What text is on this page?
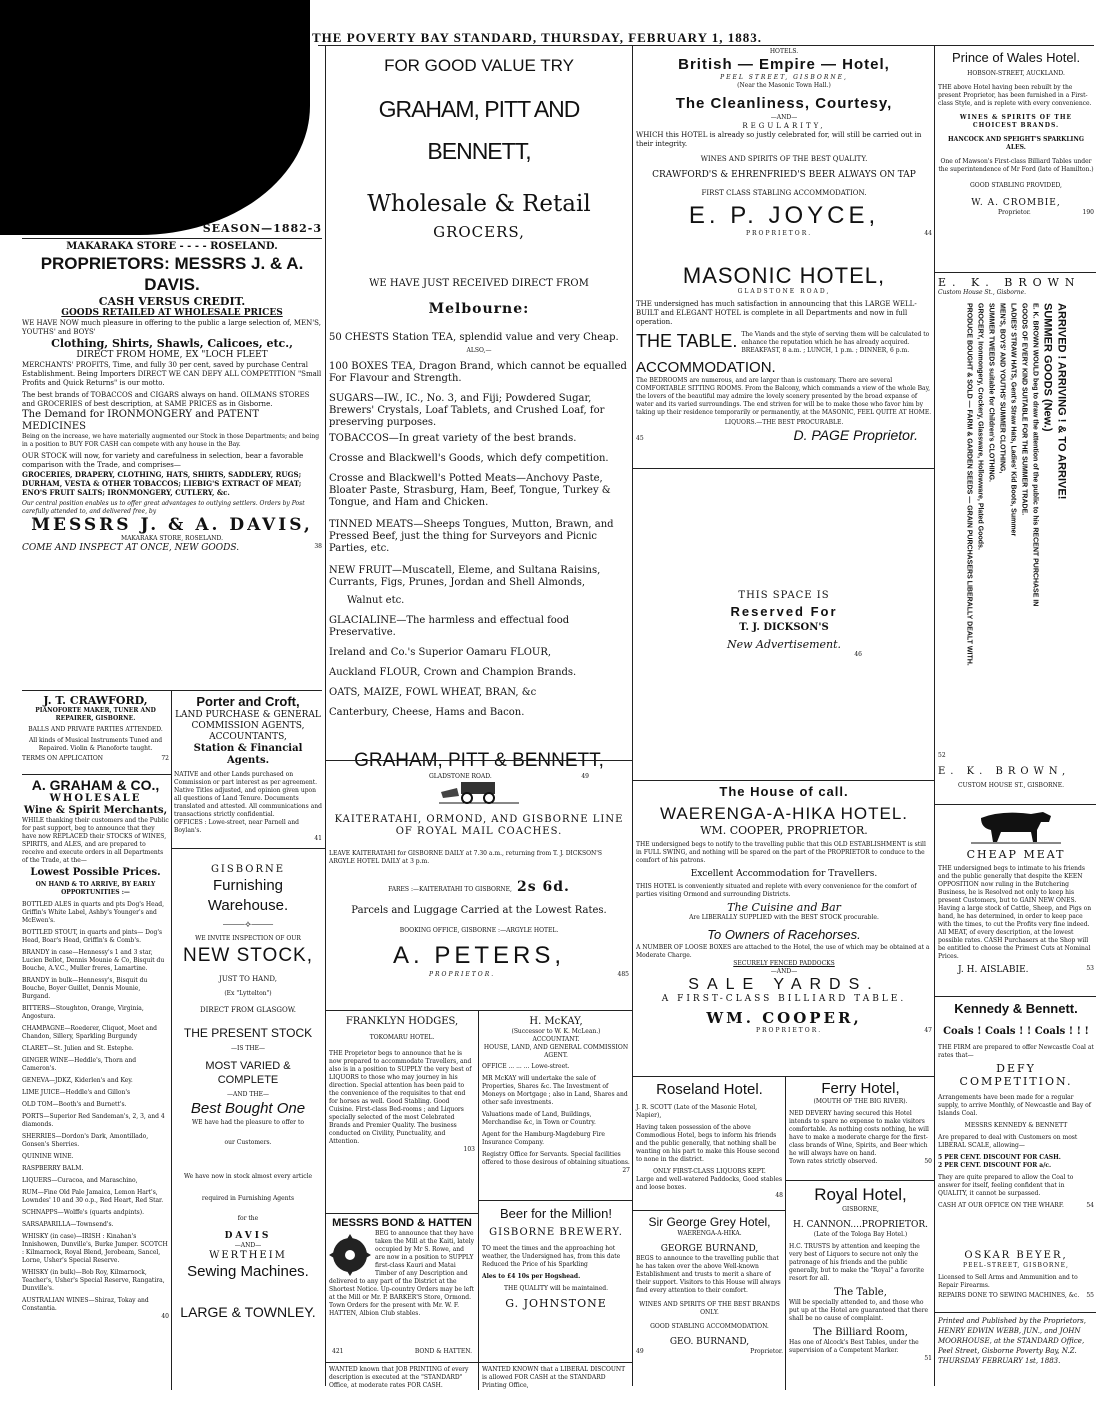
THE POVERTY BAY STANDARD, THURSDAY, FEBRUARY 1, 1883.
SEASON—1882-3
MAKARAKA STORE - - - - ROSELAND.
PROPRIETORS: MESSRS J. & A. DAVIS.
CASH VERSUS CREDIT.
GOODS RETAILED AT WHOLESALE PRICES
WE HAVE NOW much pleasure in offering to the public a large selection of, MEN'S, YOUTHS' and BOYS'
Clothing, Shirts, Shawls, Calicoes, etc.,
DIRECT FROM HOME, EX "LOCH FLEET
MERCHANTS' PROFITS, Time, and fully 30 per cent, saved by purchase Central Establishment. Being Importers DIRECT WE CAN DEFY ALL COMPETITION "Small Profits and Quick Returns" is our motto.
The best brands of TOBACCOS and CIGARS always on hand. OILMANS STORES and GROCERIES of best description, at SAME PRICES as in Gisborne.
The Demand for IRONMONGERY and PATENT MEDICINES
Being on the increase, we have materially augmented our Stock in those Departments; and being in a position to BUY FOR CASH can compete with any house in the Bay.
OUR STOCK will now, for variety and carefulness in selection, bear a favorable comparison with the Trade, and comprises—
GROCERIES, DRAPERY, CLOTHING, HATS, SHIRTS, SADDLERY, RUGS; DURHAM, VESTA & OTHER TOBACCOS; LIEBIG'S EXTRACT OF MEAT; ENO'S FRUIT SALTS; IRONMONGERY, CUTLERY, &c.
Our central position enables us to offer great advantages to outlying settlers. Orders by Post carefully attended to, and delivered free, by
MESSRS J. & A. DAVIS,
MAKARAKA STORE, ROSELAND.
COME AND INSPECT AT ONCE, NEW GOODS.	38
J. T. CRAWFORD,
PIANOFORTE MAKER, TUNER AND REPAIRER, GISBORNE.
BALLS AND PRIVATE PARTIES ATTENDED.
All kinds of Musical Instruments Tuned and Repaired. Violin & Pianoforte taught.
TERMS ON APPLICATION	72
A. GRAHAM & CO.,
WHOLESALE
Wine & Spirit Merchants,
WHILE thanking their customers and the Public for past support, beg to announce that they have now REPLACED their STOCKS of WINES, SPIRITS, and ALES, and are prepared to receive and execute orders in all Departments of the Trade, at the—
Lowest Possible Prices.
ON HAND & TO ARRIVE, BY EARLY OPPORTUNITIES :—
BOTTLED ALES in quarts and pts Dog's Head, Griffin's White Label, Ashby's Younger's and McEwen's.
BOTTLED STOUT, in quarts and pints— Dog's Head, Boar's Head, Griffin's & Comb's.
BRANDY in case—Hennessy's 1 and 3 star, Lucien Bellot, Dennis Mounie & Co, Bisquit du Bouche, A.V.C., Muller freres, Lamartine.
BRANDY in bulk—Hennessy's, Bisquit du Bouche, Boyer Guillet, Dennis Mounie, Burgand.
BITTERS—Stoughton, Orange, Virginia, Angostura.
CHAMPAGNE—Roederer, Cliquot, Moet and Chandon, Sillery, Sparkling Burgundy
CLARET—St. Julien and St. Estephe.
GINGER WINE—Heddle's, Thorn and Cameron's.
GENEVA—JDKZ, Kiderlen's and Key.
LIME JUICE—Heddle's and Gillon's
OLD TOM—Booth's and Burnett's.
PORTS—Superior Red Sandeman's, 2, 3, and 4 diamonds.
SHERRIES—Dordon's Dark, Amontillado, Gonsen's Sherries.
QUININE WINE.
RASPBERRY BALM.
LIQUERS—Curacoa, and Maraschino,
RUM—Fine Old Pale Jamaica, Lemon Hart's, Lowndes' 10 and 30 o.p., Red Heart, Red Star.
SCHNAPPS—Wolffe's (quarts andpints).
SARSAPARILLA—Townsend's.
WHISKY (in case)—IRISH : Kinahan's Innishowen, Dunville's, Burke Jumper. SCOTCH : Kilmarnock, Royal Blend, Jerobeam, Sancel, Lorne, Usher's Special Reserve.
WHISKY (in bulk)—Bob Roy, Kilmarnock, Teacher's, Usher's Special Reserve, Rangatira, Dunville's.
AUSTRALIAN WINES—Shiraz, Tokay and Constantia.
40
Porter and Croft,
LAND PURCHASE & GENERAL COMMISSION AGENTS, ACCOUNTANTS,
Station & Financial Agents.
NATIVE and other Lands purchased on Commission or part interest as per agreement. Native Titles adjusted, and opinion given upon all questions of Land Tenure. Documents translated and attested. All communications and transactions strictly confidential.
OFFICES : Lowe-street, near Parnell and Boylan's.
41
GISBORNE
Furnishing Warehouse.
⸻⟡⸻
WE INVITE INSPECTION OF OUR
NEW STOCK,
JUST TO HAND,
(Ex "Lyttelton")
DIRECT FROM GLASGOW.
THE PRESENT STOCK
—IS THE—
MOST VARIED & COMPLETE
—AND THE—
Best Bought One
WE have had the pleasure to offer to
our Customers.
We have now in stock almost every article
required in Furnishing Agents
for the
DAVIS
—AND—
WERTHEIM
Sewing Machines.
LARGE & TOWNLEY.
FOR GOOD VALUE TRY
GRAHAM, PITT AND BENNETT,
Wholesale & Retail
GROCERS,
WE HAVE JUST RECEIVED DIRECT FROM
Melbourne:
50 CHESTS Station TEA, splendid value and very Cheap.
ALSO,—
100 BOXES TEA, Dragon Brand, which cannot be equalled For Flavour and Strength.
SUGARS—IW., IC., No. 3, and Fiji; Powdered Sugar, Brewers' Crystals, Loaf Tablets, and Crushed Loaf, for preserving purposes.
TOBACCOS—In great variety of the best brands.
Crosse and Blackwell's Goods, which defy competition.
Crosse and Blackwell's Potted Meats—Anchovy Paste, Bloater Paste, Strasburg, Ham, Beef, Tongue, Turkey & Tongue, and Ham and Chicken.
TINNED MEATS—Sheeps Tongues, Mutton, Brawn, and Pressed Beef, just the thing for Surveyors and Picnic Parties, etc.
NEW FRUIT—Muscatell, Eleme, and Sultana Raisins, Currants, Figs, Prunes, Jordan and Shell Almonds,
Walnut etc.
GLACIALINE—The harmless and effectual food Preservative.
Ireland and Co.'s Superior Oamaru FLOUR,
Auckland FLOUR, Crown and Champion Brands.
OATS, MAIZE, FOWL WHEAT, BRAN, &c
Canterbury, Cheese, Hams and Bacon.
GRAHAM, PITT & BENNETT,
GLADSTONE ROAD.	49
KAITERATAHI, ORMOND, AND GISBORNE LINE OF ROYAL MAIL COACHES.
LEAVE KAITERATAHI for GISBORNE DAILY at 7.30 a.m., returning from T. J. DICKSON'S ARGYLE HOTEL DAILY at 3 p.m.
FARES :—KAITERATAHI TO GISBORNE, 2s 6d.
Parcels and Luggage Carried at the Lowest Rates.
BOOKING OFFICE, GISBORNE :—ARGYLE HOTEL.
A. PETERS,
PROPRIETOR.	485
FRANKLYN HODGES,
TOKOMARU HOTEL.
THE Proprietor begs to announce that he is now prepared to accommodate Travellers, and also is in a position to SUPPLY the very best of LIQUORS to those who may journey in his direction. Special attention has been paid to the convenience of the requisites to that end for horses as well. Good Stabling. Good Cuisine. First-class Bed-rooms ; and Liquors specially selected of the most Celebrated Brands and Premier Quality. The business conducted on Civility, Punctuality, and Attention.
103
MESSRS BOND & HATTEN
BEG to announce that they have taken the Mill at the Kaiti, lately occupied by Mr S. Rowe, and are now in a position to SUPPLY first-class Kauri and Matai Timber of any Description and delivered to any part of the District at the Shortest Notice. Up-country Orders may be left at the Mill or Mr. P. BARKER'S Store, Ormond. Town Orders for the present with Mr. W. F. HATTEN, Albion Club stables.
421	BOND & HATTEN.
WANTED known that JOB PRINTING of every description is executed at the "STANDARD" Office, at moderate rates FOR CASH.
H. McKAY,
(Successor to W. K. McLean.)
ACCOUNTANT.
HOUSE, LAND, AND GENERAL COMMISSION AGENT.
OFFICE ... ... ... Lowe-street.
MR McKAY will undertake the sale of Properties, Shares &c. The Investment of Moneys on Mortgage ; also in Land, Shares and other safe investments.
Valuations made of Land, Buildings, Merchandise &c, in Town or Country.
Agent for the Hamburg-Magdeburg Fire Insurance Company.
Registry Office for Servants. Special facilities offered to those desirous of obtaining situations.
27
Beer for the Million!
GISBORNE BREWERY.
TO meet the times and the approaching hot weather, the Undersigned has, from this date Reduced the Price of his Sparkling
Ales to £4 10s per Hogshead.
THE QUALITY will be maintained.
G. JOHNSTONE
WANTED KNOWN that a LIBERAL DISCOUNT is allowed FOR CASH at the STANDARD Printing Office,
HOTELS.
British — Empire — Hotel,
PEEL STREET, GISBORNE,
(Near the Masonic Town Hall.)
The Cleanliness, Courtesy,
—AND—
REGULARITY,
WHICH this HOTEL is already so justly celebrated for, will still be carried out in their integrity.
WINES AND SPIRITS OF THE BEST QUALITY.
CRAWFORD'S & EHRENFRIED'S BEER ALWAYS ON TAP
FIRST CLASS STABLING ACCOMMODATION.
E. P. JOYCE,
PROPRIETOR.	44
MASONIC HOTEL,
GLADSTONE ROAD,
THE undersigned has much satisfaction in announcing that this LARGE WELL-BUILT and ELEGANT HOTEL is complete in all Departments and now in full operation.
THE TABLE. The Viands and the style of serving them will be calculated to enhance the reputation which he has already acquired. BREAKFAST, 8 a.m. ; LUNCH, 1 p.m. ; DINNER, 6 p.m.
ACCOMMODATION.
The BEDROOMS are numerous, and are larger than is customary. There are several COMFORTABLE SITTING ROOMS. From the Balcony, which commands a view of the whole Bay, the lovers of the beautiful may admire the lovely scenery presented by the broad expanse of water and its varied surroundings. The end striven for will be to make those who favor him by taking up their residence temporarily or permanently, at the MASONIC, FEEL QUITE AT HOME.
LIQUORS.—THE BEST PROCURABLE.
45	D. PAGE Proprietor.
THIS SPACE IS
Reserved For
T. J. DICKSON'S
New Advertisement.
46
The House of call.
WAERENGA-A-HIKA HOTEL.
WM. COOPER, PROPRIETOR.
THE undersigned begs to notify to the travelling public that this OLD ESTABLISHMENT is still in FULL SWING, and nothing will be spared on the part of the PROPRIETOR to conduce to the comfort of his patrons.
Excellent Accommodation for Travellers.
THIS HOTEL is conveniently situated and replete with every convenience for the comfort of parties visiting Ormond and surrounding Districts.
The Cuisine and Bar
Are LIBERALLY SUPPLIED with the BEST STOCK procurable.
To Owners of Racehorses.
A NUMBER OF LOOSE BOXES are attached to the Hotel, the use of which may be obtained at a Moderate Charge.
SECURELY FENCED PADDOCKS
—AND—
SALE YARDS.
A FIRST-CLASS BILLIARD TABLE.
WM. COOPER,
PROPRIETOR.	47
Roseland Hotel.
J. R. SCOTT (Late of the Masonic Hotel, Napier),
Having taken possession of the above Commodious Hotel, begs to inform his friends and the public generally, that nothing shall be wanting on his part to make this House second to none in the district.
ONLY FIRST-CLASS LIQUORS KEPT.
Large and well-watered Paddocks, Good stables and loose boxes.
48
Sir George Grey Hotel,
WAERENGA-A-HIKA.
GEORGE BURNAND,
BEGS to announce to the travelling public that he has taken over the above Well-known Establishment and trusts to merit a share of their support. Visitors to this House will always find every attention to their comfort.
WINES AND SPIRITS OF THE BEST BRANDS ONLY.
GOOD STABLING ACCOMMODATION.
GEO. BURNAND,
49	Proprietor.
Ferry Hotel,
(MOUTH OF THE BIG RIVER).
NED DEVERY having secured this Hotel intends to spare no expense to make visitors comfortable. As nothing costs nothing, he will have to make a moderate charge for the first-class brands of Wine, Spirits, and Beer which he will always have on hand.
Town rates strictly observed.	50
Royal Hotel,
GISBORNE,
H. CANNON....PROPRIETOR.
(Late of the Tologa Bay Hotel.)
H.C. TRUSTS by attention and keeping the very best of Liquors to secure not only the patronage of his friends and the public generally, but to make the "Royal" a favorite resort for all.
The Table,
Will be specially attended to, and those who put up at the Hotel are guaranteed that there shall be no cause of complaint.
The Billiard Room,
Has one of Alcock's Best Tables, under the supervision of a Competent Marker.
51
Prince of Wales Hotel.
HOBSON-STREET, AUCKLAND.
THE above Hotel having been rebuilt by the present Proprietor, has been furnished in a First-class Style, and is replete with every convenience.
WINES & SPIRITS OF THE CHOICEST BRANDS.
HANCOCK AND SPEIGHT'S SPARKLING ALES.
One of Mawson's First-class Billiard Tables under the superintendence of Mr Ford (late of Hamilton.)
GOOD STABLING PROVIDED,
W. A. CROMBIE,
Proprietor.	190
E. K. BROWN
Custom House St., Gisborne.
ARRIVED ! ARRIVING ! & TO ARRIVE!
SUMMER GOODS (New.)
E. K. BROWN WOULD beg to draw the attention of the public to his RECENT PURCHASE IN
GOODS OF EVERY KIND SUITABLE FOR THE SUMMER TRADE.
LADIES' STRAW HATS, Gent's Straw Hats, Ladies' Kid Boots, Summer
MEN'S, BOYS' AND YOUTHS' SUMMER CLOTHING,
SUMMER TWEEDS suitable for Children's CLOTHING.
GROCERY, Ironmongery, Crockery, Glassware, Hollowware, Plated Goods.
PRODUCE BOUGHT & SOLD — FARM & GARDEN SEEDS — GRAIN PURCHASERS LIBERALLY DEALT WITH.
52
E. K. BROWN,
CUSTOM HOUSE ST., GISBORNE.
CHEAP MEAT
THE undersigned begs to intimate to his friends and the public generally that despite the KEEN OPPOSITION now ruling in the Butchering Business, he is Resolved not only to keep his present Customers, but to GAIN NEW ONES. Having a large stock of Cattle, Sheep, and Pigs on hand, he has determined, in order to keep pace with the times, to cut the Profits very fine indeed. All MEAT, of every description, at the lowest possible rates. CASH Purchasers at the Shop will be entitled to choose the Primest Cuts at Nominal Prices.
J. H. AISLABIE.	53
Kennedy & Bennett.
Coals ! Coals ! ! Coals ! ! !
THE FIRM are prepared to offer Newcastle Coal at rates that—
DEFY COMPETITION.
Arrangements have been made for a regular supply, to arrive Monthly, of Newcastle and Bay of Islands Coal.
MESSRS KENNEDY & BENNETT
Are prepared to deal with Customers on most LIBERAL SCALE, allowing—
5 PER CENT. DISCOUNT FOR CASH.
2 PER CENT. DISCOUNT FOR a/c.
They are quite prepared to allow the Coal to answer for itself, feeling confident that in QUALITY, it cannot be surpassed.
CASH AT OUR OFFICE ON THE WHARF.	54
OSKAR BEYER,
PEEL-STREET, GISBORNE,
Licensed to Sell Arms and Ammunition and to Repair Firearms.
REPAIRS DONE TO SEWING MACHINES, &c. 55
Printed and Published by the Proprietors, HENRY EDWIN WEBB, JUN., and JOHN MOORHOUSE, at the STANDARD Office, Peel Street, Gisborne Poverty Bay, N.Z. THURSDAY FEBRUARY 1st, 1883.
